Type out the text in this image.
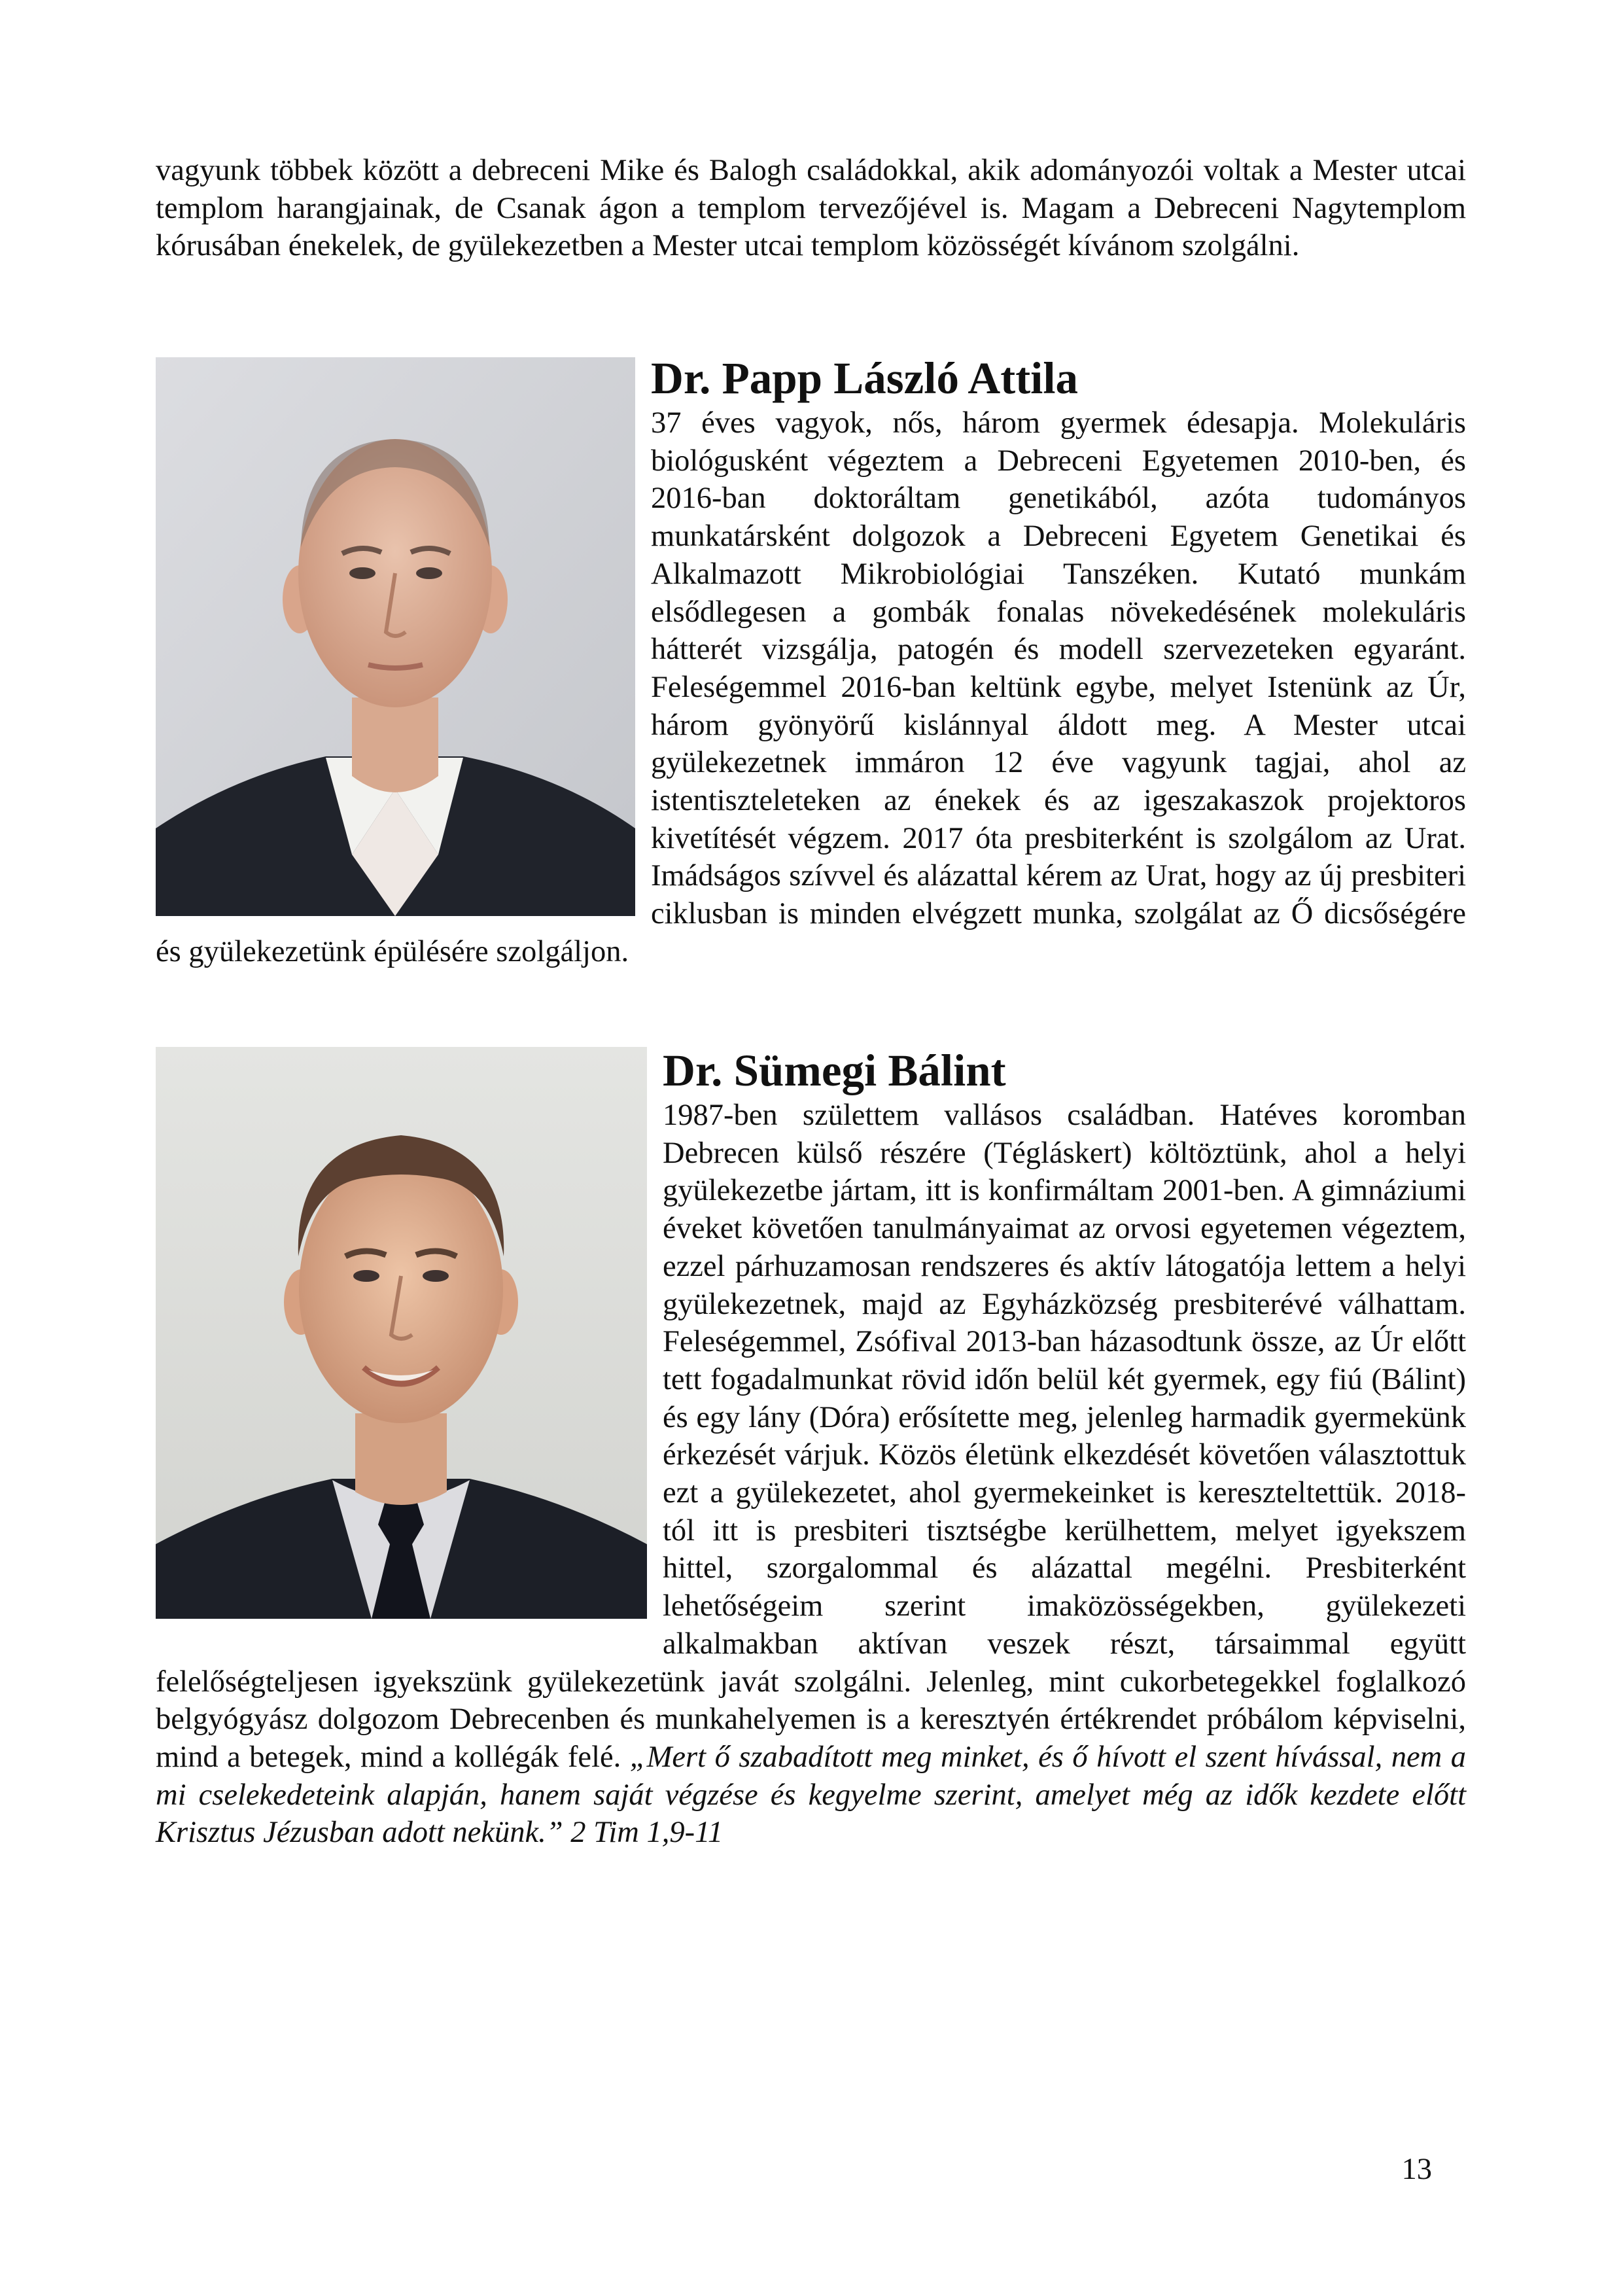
vagyunk többek között a debreceni Mike és Balogh családokkal, akik adományozói voltak a Mester utcai templom harangjainak, de Csanak ágon a templom tervezőjével is. Magam a Debreceni Nagytemplom kórusában énekelek, de gyülekezetben a Mester utcai templom közösségét kívánom szolgálni.

Dr. Papp László Attila

37 éves vagyok, nős, három gyermek édesapja. Molekuláris biológusként végeztem a Debreceni Egyetemen 2010-ben, és 2016-ban doktoráltam genetikából, azóta tudományos munkatársként dolgozok a Debreceni Egyetem Genetikai és Alkalmazott Mikrobiológiai Tanszéken. Kutató munkám elsődlegesen a gombák fonalas növekedésének molekuláris hátterét vizsgálja, patogén és modell szervezeteken egyaránt. Feleségemmel 2016-ban keltünk egybe, melyet Istenünk az Úr, három gyönyörű kislánnyal áldott meg. A Mester utcai gyülekezetnek immáron 12 éve vagyunk tagjai, ahol az istentiszteleteken az énekek és az igeszakaszok projektoros kivetítését végzem. 2017 óta presbiterként is szolgálom az Urat. Imádságos szívvel és alázattal kérem az Urat, hogy az új presbiteri ciklusban is minden elvégzett munka, szolgálat az Ő dicsőségére és gyülekezetünk épülésére szolgáljon.

Dr. Sümegi Bálint

1987-ben születtem vallásos családban. Hatéves koromban Debrecen külső részére (Tégláskert) költöztünk, ahol a helyi gyülekezetbe jártam, itt is konfirmáltam 2001-ben. A gimnáziumi éveket követően tanulmányaimat az orvosi egyetemen végeztem, ezzel párhuzamosan rendszeres és aktív látogatója lettem a helyi gyülekezetnek, majd az Egyházközség presbiterévé válhattam. Feleségemmel, Zsófival 2013-ban házasodtunk össze, az Úr előtt tett fogadalmunkat rövid időn belül két gyermek, egy fiú (Bálint) és egy lány (Dóra) erősítette meg, jelenleg harmadik gyermekünk érkezését várjuk. Közös életünk elkezdését követően választottuk ezt a gyülekezetet, ahol gyermekeinket is kereszteltettük. 2018-tól itt is presbiteri tisztségbe kerülhettem, melyet igyekszem hittel, szorgalommal és alázattal megélni. Presbiterként lehetőségeim szerint imaközösségekben, gyülekezeti alkalmakban aktívan veszek részt, társaimmal együtt felelőségteljesen igyekszünk gyülekezetünk javát szolgálni. Jelenleg, mint cukorbetegekkel foglalkozó belgyógyász dolgozom Debrecenben és munkahelyemen is a keresztyén értékrendet próbálom képviselni, mind a betegek, mind a kollégák felé. „Mert ő szabadított meg minket, és ő hívott el szent hívással, nem a mi cselekedeteink alapján, hanem saját végzése és kegyelme szerint, amelyet még az idők kezdete előtt Krisztus Jézusban adott nekünk.” 2 Tim 1,9-11

13
